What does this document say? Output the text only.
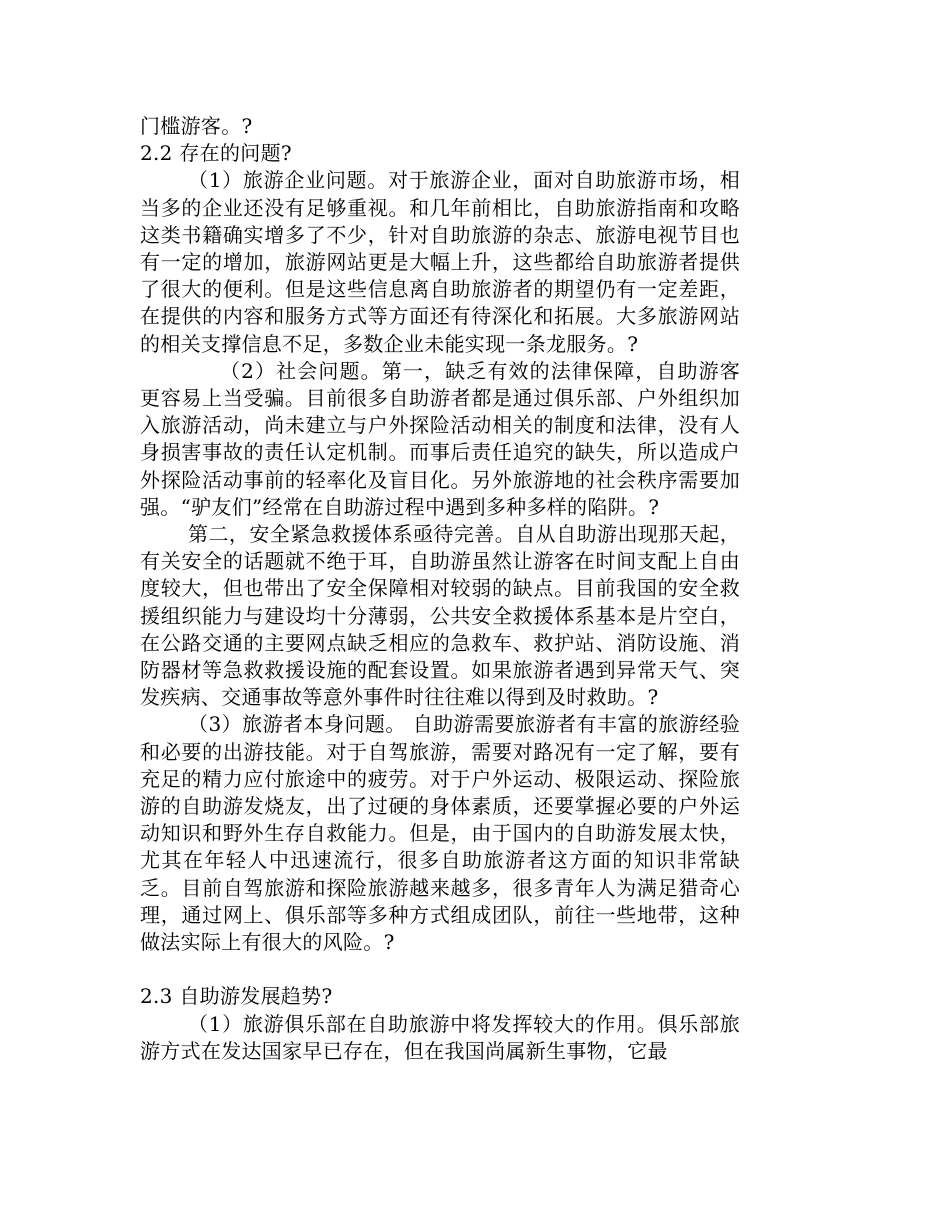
门槛游客。?

2.2 存在的问题?

（1）旅游企业问题。对于旅游企业，面对自助旅游市场，相当多的企业还没有足够重视。和几年前相比，自助旅游指南和攻略这类书籍确实增多了不少，针对自助旅游的杂志、旅游电视节目也有一定的增加，旅游网站更是大幅上升，这些都给自助旅游者提供了很大的便利。但是这些信息离自助旅游者的期望仍有一定差距，在提供的内容和服务方式等方面还有待深化和拓展。大多旅游网站的相关支撑信息不足，多数企业未能实现一条龙服务。?

（2）社会问题。第一，缺乏有效的法律保障，自助游客更容易上当受骗。目前很多自助游者都是通过俱乐部、户外组织加入旅游活动，尚未建立与户外探险活动相关的制度和法律，没有人身损害事故的责任认定机制。而事后责任追究的缺失，所以造成户外探险活动事前的轻率化及盲目化。另外旅游地的社会秩序需要加强。“驴友们”经常在自助游过程中遇到多种多样的陷阱。?

第二，安全紧急救援体系亟待完善。自从自助游出现那天起，有关安全的话题就不绝于耳，自助游虽然让游客在时间支配上自由度较大，但也带出了安全保障相对较弱的缺点。目前我国的安全救援组织能力与建设均十分薄弱，公共安全救援体系基本是片空白，在公路交通的主要网点缺乏相应的急救车、救护站、消防设施、消防器材等急救救援设施的配套设置。如果旅游者遇到异常天气、突发疾病、交通事故等意外事件时往往难以得到及时救助。?

（3）旅游者本身问题。 自助游需要旅游者有丰富的旅游经验和必要的出游技能。对于自驾旅游，需要对路况有一定了解，要有充足的精力应付旅途中的疲劳。对于户外运动、极限运动、探险旅游的自助游发烧友，出了过硬的身体素质，还要掌握必要的户外运动知识和野外生存自救能力。但是，由于国内的自助游发展太快，尤其在年轻人中迅速流行，很多自助旅游者这方面的知识非常缺乏。目前自驾旅游和探险旅游越来越多，很多青年人为满足猎奇心理，通过网上、俱乐部等多种方式组成团队，前往一些地带，这种做法实际上有很大的风险。?

2.3 自助游发展趋势?

（1）旅游俱乐部在自助旅游中将发挥较大的作用。俱乐部旅游方式在发达国家早已存在，但在我国尚属新生事物，它最
